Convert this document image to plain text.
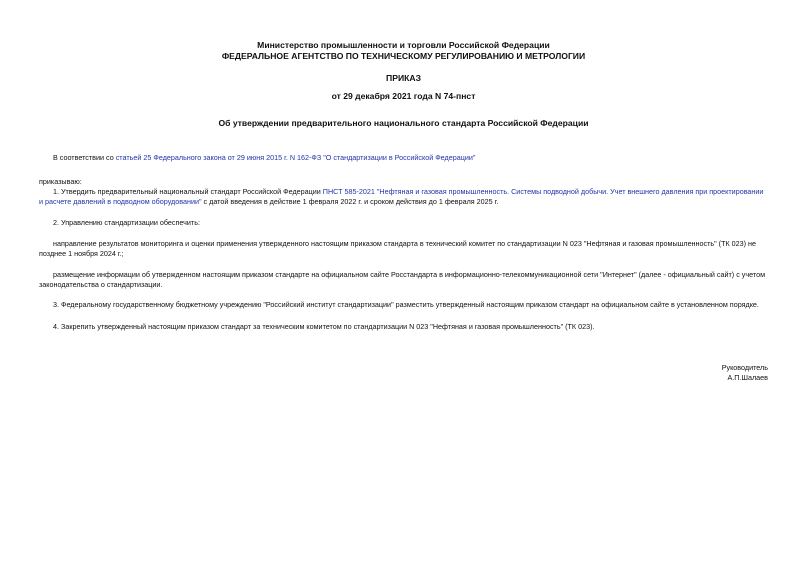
Министерство промышленности и торговли Российской Федерации
ФЕДЕРАЛЬНОЕ АГЕНТСТВО ПО ТЕХНИЧЕСКОМУ РЕГУЛИРОВАНИЮ И МЕТРОЛОГИИ
ПРИКАЗ
от 29 декабря 2021 года N 74-пнст
Об утверждении предварительного национального стандарта Российской Федерации
В соответствии со статьей 25 Федерального закона от 29 июня 2015 г. N 162-ФЗ "О стандартизации в Российской Федерации"
приказываю:
1. Утвердить предварительный национальный стандарт Российской Федерации ПНСТ 585-2021 "Нефтяная и газовая промышленность. Системы подводной добычи. Учет внешнего давления при проектировании
и расчете давлений в подводном оборудовании" с датой введения в действие 1 февраля 2022 г. и сроком действия до 1 февраля 2025 г.
2. Управлению стандартизации обеспечить:
направление результатов мониторинга и оценки применения утвержденного настоящим приказом стандарта в технический комитет по стандартизации N 023 "Нефтяная и газовая промышленность" (ТК 023) не
позднее 1 ноября 2024 г.;
размещение информации об утвержденном настоящим приказом стандарте на официальном сайте Росстандарта в информационно-телекоммуникационной сети "Интернет" (далее - официальный сайт) с учетом
законодательства о стандартизации.
3. Федеральному государственному бюджетному учреждению "Российский институт стандартизации" разместить утвержденный настоящим приказом стандарт на официальном сайте в установленном порядке.
4. Закрепить утвержденный настоящим приказом стандарт за техническим комитетом по стандартизации N 023 "Нефтяная и газовая промышленность" (ТК 023).
Руководитель
А.П.Шалаев
